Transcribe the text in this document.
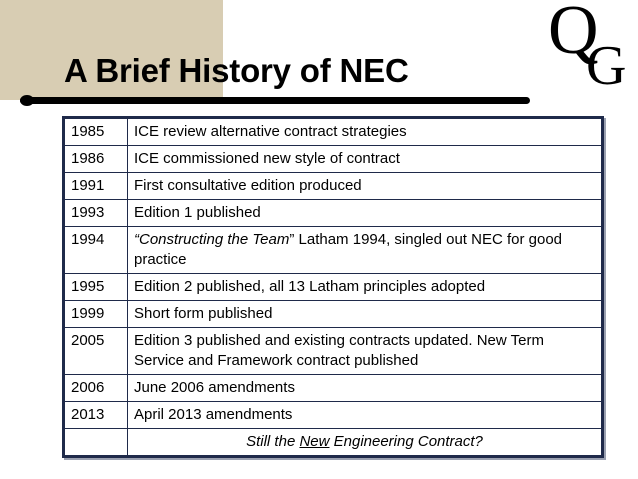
A Brief History of NEC
Q
G
1985	ICE review alternative contract strategies
1986	ICE commissioned new style of contract
1991	First consultative edition produced
1993	Edition 1 published
1994	“Constructing the Team” Latham 1994, singled out NEC for good practice
1995	Edition 2 published, all 13 Latham principles adopted
1999	Short form published
2005	Edition 3 published and existing contracts updated. New Term Service and Framework contract published
2006	June 2006 amendments
2013	April 2013 amendments
	Still the New Engineering Contract?
